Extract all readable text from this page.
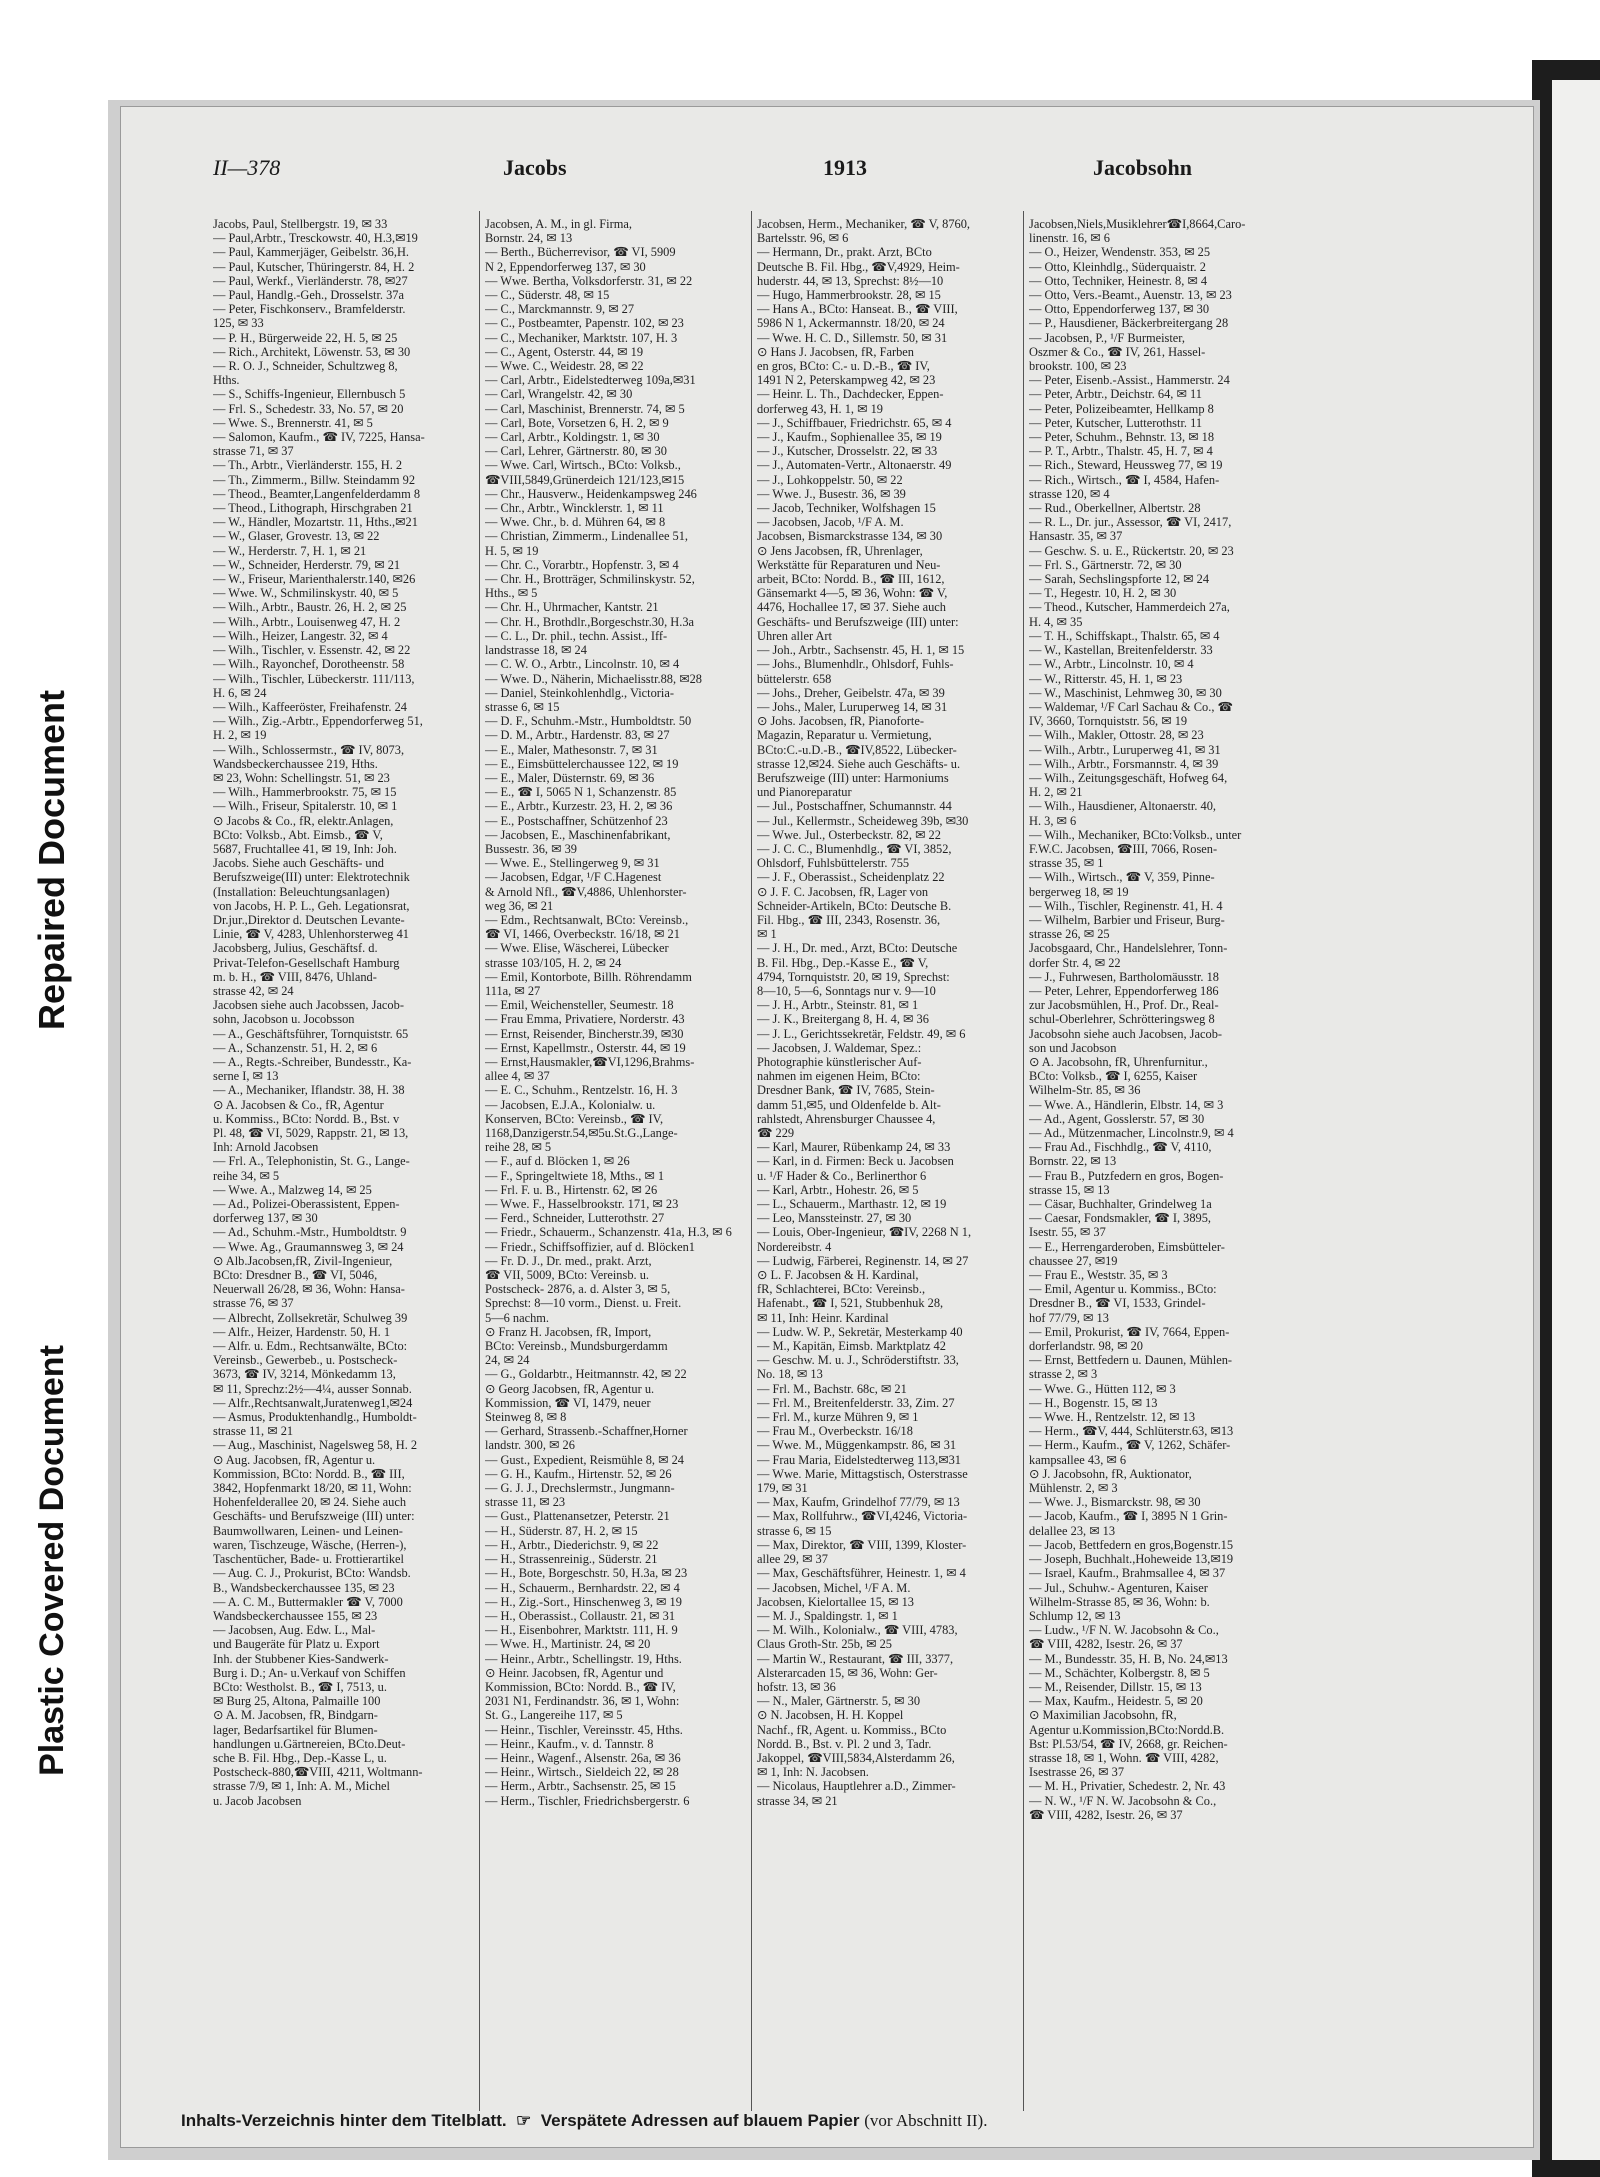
Repaired Document
Plastic Covered Document
II—378	Jacobs	1913	Jacobsohn
Jacobs, Paul, Stellbergstr. 19, ✉ 33
— Paul,Arbtr., Tresckowstr. 40, H.3,✉19
— Paul, Kammerjäger, Geibelstr. 36,H.
— Paul, Kutscher, Thüringerstr. 84, H. 2
— Paul, Werkf., Vierländerstr. 78, ✉27
— Paul, Handlg.-Geh., Drosselstr. 37a
— Peter, Fischkonserv., Bramfelderstr.
125, ✉ 33
— P. H., Bürgerweide 22, H. 5, ✉ 25
— Rich., Architekt, Löwenstr. 53, ✉ 30
— R. O. J., Schneider, Schultzweg 8,
Hths.
— S., Schiffs-Ingenieur, Ellernbusch 5
— Frl. S., Schedestr. 33, No. 57, ✉ 20
— Wwe. S., Brennerstr. 41, ✉ 5
— Salomon, Kaufm., ☎ IV, 7225, Hansa-
strasse 71, ✉ 37
— Th., Arbtr., Vierländerstr. 155, H. 2
— Th., Zimmerm., Billw. Steindamm 92
— Theod., Beamter,Langenfelderdamm 8
— Theod., Lithograph, Hirschgraben 21
— W., Händler, Mozartstr. 11, Hths.,✉21
— W., Glaser, Grovestr. 13, ✉ 22
— W., Herderstr. 7, H. 1, ✉ 21
— W., Schneider, Herderstr. 79, ✉ 21
— W., Friseur, Marienthalerstr.140, ✉26
— Wwe. W., Schmilinskystr. 40, ✉ 5
— Wilh., Arbtr., Baustr. 26, H. 2, ✉ 25
— Wilh., Arbtr., Louisenweg 47, H. 2
— Wilh., Heizer, Langestr. 32, ✉ 4
— Wilh., Tischler, v. Essenstr. 42, ✉ 22
— Wilh., Rayonchef, Dorotheenstr. 58
— Wilh., Tischler, Lübeckerstr. 111/113,
H. 6, ✉ 24
— Wilh., Kaffeeröster, Freihafenstr. 24
— Wilh., Zig.-Arbtr., Eppendorferweg 51,
H. 2, ✉ 19
— Wilh., Schlossermstr., ☎ IV, 8073,
Wandsbeckerchaussee 219, Hths.
✉ 23, Wohn: Schellingstr. 51, ✉ 23
— Wilh., Hammerbrookstr. 75, ✉ 15
— Wilh., Friseur, Spitalerstr. 10, ✉ 1
⊙ Jacobs & Co., fR, elektr.Anlagen,
BCto: Volksb., Abt. Eimsb., ☎ V,
5687, Fruchtallee 41, ✉ 19, Inh: Joh.
Jacobs. Siehe auch Geschäfts- und
Berufszweige(III) unter: Elektrotechnik
(Installation: Beleuchtungsanlagen)
von Jacobs, H. P. L., Geh. Legationsrat,
Dr.jur.,Direktor d. Deutschen Levante-
Linie, ☎ V, 4283, Uhlenhorsterweg 41
Jacobsberg, Julius, Geschäftsf. d.
Privat-Telefon-Gesellschaft Hamburg
m. b. H., ☎ VIII, 8476, Uhland-
strasse 42, ✉ 24
Jacobsen siehe auch Jacobssen, Jacob-
sohn, Jacobson u. Jocobsson
— A., Geschäftsführer, Tornquiststr. 65
— A., Schanzenstr. 51, H. 2, ✉ 6
— A., Regts.-Schreiber, Bundesstr., Ka-
serne I, ✉ 13
— A., Mechaniker, Iflandstr. 38, H. 38
⊙ A. Jacobsen & Co., fR, Agentur
u. Kommiss., BCto: Nordd. B., Bst. v
Pl. 48, ☎ VI, 5029, Rappstr. 21, ✉ 13,
Inh: Arnold Jacobsen
— Frl. A., Telephonistin, St. G., Lange-
reihe 34, ✉ 5
— Wwe. A., Malzweg 14, ✉ 25
— Ad., Polizei-Oberassistent, Eppen-
dorferweg 137, ✉ 30
— Ad., Schuhm.-Mstr., Humboldtstr. 9
— Wwe. Ag., Graumannsweg 3, ✉ 24
⊙ Alb.Jacobsen,fR, Zivil-Ingenieur,
BCto: Dresdner B., ☎ VI, 5046,
Neuerwall 26/28, ✉ 36, Wohn: Hansa-
strasse 76, ✉ 37
— Albrecht, Zollsekretär, Schulweg 39
— Alfr., Heizer, Hardenstr. 50, H. 1
— Alfr. u. Edm., Rechtsanwälte, BCto:
Vereinsb., Gewerbeb., u. Postscheck-
3673, ☎ IV, 3214, Mönkedamm 13,
✉ 11, Sprechz:2½—4¼, ausser Sonnab.
— Alfr.,Rechtsanwalt,Juratenweg1,✉24
— Asmus, Produktenhandlg., Humboldt-
strasse 11, ✉ 21
— Aug., Maschinist, Nagelsweg 58, H. 2
⊙ Aug. Jacobsen, fR, Agentur u.
Kommission, BCto: Nordd. B., ☎ III,
3842, Hopfenmarkt 18/20, ✉ 11, Wohn:
Hohenfelderallee 20, ✉ 24. Siehe auch
Geschäfts- und Berufszweige (III) unter:
Baumwollwaren, Leinen- und Leinen-
waren, Tischzeuge, Wäsche, (Herren-),
Taschentücher, Bade- u. Frottierartikel
— Aug. C. J., Prokurist, BCto: Wandsb.
B., Wandsbeckerchaussee 135, ✉ 23
— A. C. M., Buttermakler ☎ V, 7000
Wandsbeckerchaussee 155, ✉ 23
— Jacobsen, Aug. Edw. L., Mal-
und Baugeräte für Platz u. Export
Inh. der Stubbener Kies-Sandwerk-
Burg i. D.; An- u.Verkauf von Schiffen
BCto: Westholst. B., ☎ I, 7513, u.
✉ Burg 25, Altona, Palmaille 100
⊙ A. M. Jacobsen, fR, Bindgarn-
lager, Bedarfsartikel für Blumen-
handlungen u.Gärtnereien, BCto.Deut-
sche B. Fil. Hbg., Dep.-Kasse L, u.
Postscheck-880,☎VIII, 4211, Woltmann-
strasse 7/9, ✉ 1, Inh: A. M., Michel
u. Jacob Jacobsen
Jacobsen, A. M., in gl. Firma,
Bornstr. 24, ✉ 13
— Berth., Bücherrevisor, ☎ VI, 5909
N 2, Eppendorferweg 137, ✉ 30
— Wwe. Bertha, Volksdorferstr. 31, ✉ 22
— C., Süderstr. 48, ✉ 15
— C., Marckmannstr. 9, ✉ 27
— C., Postbeamter, Papenstr. 102, ✉ 23
— C., Mechaniker, Marktstr. 107, H. 3
— C., Agent, Osterstr. 44, ✉ 19
— Wwe. C., Weidestr. 28, ✉ 22
— Carl, Arbtr., Eidelstedterweg 109a,✉31
— Carl, Wrangelstr. 42, ✉ 30
— Carl, Maschinist, Brennerstr. 74, ✉ 5
— Carl, Bote, Vorsetzen 6, H. 2, ✉ 9
— Carl, Arbtr., Koldingstr. 1, ✉ 30
— Carl, Lehrer, Gärtnerstr. 80, ✉ 30
— Wwe. Carl, Wirtsch., BCto: Volksb.,
☎VIII,5849,Grünerdeich 121/123,✉15
— Chr., Hausverw., Heidenkampsweg 246
— Chr., Arbtr., Wincklerstr. 1, ✉ 11
— Wwe. Chr., b. d. Mühren 64, ✉ 8
— Christian, Zimmerm., Lindenallee 51,
H. 5, ✉ 19
— Chr. C., Vorarbtr., Hopfenstr. 3, ✉ 4
— Chr. H., Brotträger, Schmilinskystr. 52,
Hths., ✉ 5
— Chr. H., Uhrmacher, Kantstr. 21
— Chr. H., Brothdlr.,Borgeschstr.30, H.3a
— C. L., Dr. phil., techn. Assist., Iff-
landstrasse 18, ✉ 24
— C. W. O., Arbtr., Lincolnstr. 10, ✉ 4
— Wwe. D., Näherin, Michaelisstr.88, ✉28
— Daniel, Steinkohlenhdlg., Victoria-
strasse 6, ✉ 15
— D. F., Schuhm.-Mstr., Humboldtstr. 50
— D. M., Arbtr., Hardenstr. 83, ✉ 27
— E., Maler, Mathesonstr. 7, ✉ 31
— E., Eimsbüttelerchaussee 122, ✉ 19
— E., Maler, Düsternstr. 69, ✉ 36
— E., ☎ I, 5065 N 1, Schanzenstr. 85
— E., Arbtr., Kurzestr. 23, H. 2, ✉ 36
— E., Postschaffner, Schützenhof 23
— Jacobsen, E., Maschinenfabrikant,
Bussestr. 36, ✉ 39
— Wwe. E., Stellingerweg 9, ✉ 31
— Jacobsen, Edgar, ¹/F C.Hagenest
& Arnold Nfl., ☎V,4886, Uhlenhorster-
weg 36, ✉ 21
— Edm., Rechtsanwalt, BCto: Vereinsb.,
☎ VI, 1466, Overbeckstr. 16/18, ✉ 21
— Wwe. Elise, Wäscherei, Lübecker
strasse 103/105, H. 2, ✉ 24
— Emil, Kontorbote, Billh. Röhrendamm
111a, ✉ 27
— Emil, Weichensteller, Seumestr. 18
— Frau Emma, Privatiere, Norderstr. 43
— Ernst, Reisender, Bincherstr.39, ✉30
— Ernst, Kapellmstr., Osterstr. 44, ✉ 19
— Ernst,Hausmakler,☎VI,1296,Brahms-
allee 4, ✉ 37
— E. C., Schuhm., Rentzelstr. 16, H. 3
— Jacobsen, E.J.A., Kolonialw. u.
Konserven, BCto: Vereinsb., ☎ IV,
1168,Danzigerstr.54,✉5u.St.G.,Lange-
reihe 28, ✉ 5
— F., auf d. Blöcken 1, ✉ 26
— F., Springeltwiete 18, Mths., ✉ 1
— Frl. F. u. B., Hirtenstr. 62, ✉ 26
— Wwe. F., Hasselbrookstr. 171, ✉ 23
— Ferd., Schneider, Lutterothstr. 27
— Friedr., Schauerm., Schanzenstr. 41a, H.3, ✉ 6
— Friedr., Schiffsoffizier, auf d. Blöcken1
— Fr. D. J., Dr. med., prakt. Arzt,
☎ VII, 5009, BCto: Vereinsb. u.
Postscheck- 2876, a. d. Alster 3, ✉ 5,
Sprechst: 8—10 vorm., Dienst. u. Freit.
5—6 nachm.
⊙ Franz H. Jacobsen, fR, Import,
BCto: Vereinsb., Mundsburgerdamm
24, ✉ 24
— G., Goldarbtr., Heitmannstr. 42, ✉ 22
⊙ Georg Jacobsen, fR, Agentur u.
Kommission, ☎ VI, 1479, neuer
Steinweg 8, ✉ 8
— Gerhard, Strassenb.-Schaffner,Horner
landstr. 300, ✉ 26
— Gust., Expedient, Reismühle 8, ✉ 24
— G. H., Kaufm., Hirtenstr. 52, ✉ 26
— G. J. J., Drechslermstr., Jungmann-
strasse 11, ✉ 23
— Gust., Plattenansetzer, Peterstr. 21
— H., Süderstr. 87, H. 2, ✉ 15
— H., Arbtr., Diederichstr. 9, ✉ 22
— H., Strassenreinig., Süderstr. 21
— H., Bote, Borgeschstr. 50, H.3a, ✉ 23
— H., Schauerm., Bernhardstr. 22, ✉ 4
— H., Zig.-Sort., Hinschenweg 3, ✉ 19
— H., Oberassist., Collaustr. 21, ✉ 31
— H., Eisenbohrer, Marktstr. 111, H. 9
— Wwe. H., Martinistr. 24, ✉ 20
— Heinr., Arbtr., Schellingstr. 19, Hths.
⊙ Heinr. Jacobsen, fR, Agentur und
Kommission, BCto: Nordd. B., ☎ IV,
2031 N1, Ferdinandstr. 36, ✉ 1, Wohn:
St. G., Langereihe 117, ✉ 5
— Heinr., Tischler, Vereinsstr. 45, Hths.
— Heinr., Kaufm., v. d. Tannstr. 8
— Heinr., Wagenf., Alsenstr. 26a, ✉ 36
— Heinr., Wirtsch., Sieldeich 22, ✉ 28
— Herm., Arbtr., Sachsenstr. 25, ✉ 15
— Herm., Tischler, Friedrichsbergerstr. 6
Jacobsen, Herm., Mechaniker, ☎ V, 8760,
Bartelsstr. 96, ✉ 6
— Hermann, Dr., prakt. Arzt, BCto
Deutsche B. Fil. Hbg., ☎V,4929, Heim-
huderstr. 44, ✉ 13, Sprechst: 8½—10
— Hugo, Hammerbrookstr. 28, ✉ 15
— Hans A., BCto: Hanseat. B., ☎ VIII,
5986 N 1, Ackermannstr. 18/20, ✉ 24
— Wwe. H. C. D., Sillemstr. 50, ✉ 31
⊙ Hans J. Jacobsen, fR, Farben
en gros, BCto: C.- u. D.-B., ☎ IV,
1491 N 2, Peterskampweg 42, ✉ 23
— Heinr. L. Th., Dachdecker, Eppen-
dorferweg 43, H. 1, ✉ 19
— J., Schiffbauer, Friedrichstr. 65, ✉ 4
— J., Kaufm., Sophienallee 35, ✉ 19
— J., Kutscher, Drosselstr. 22, ✉ 33
— J., Automaten-Vertr., Altonaerstr. 49
— J., Lohkoppelstr. 50, ✉ 22
— Wwe. J., Busestr. 36, ✉ 39
— Jacob, Techniker, Wolfshagen 15
— Jacobsen, Jacob, ¹/F A. M.
Jacobsen, Bismarckstrasse 134, ✉ 30
⊙ Jens Jacobsen, fR, Uhrenlager,
Werkstätte für Reparaturen und Neu-
arbeit, BCto: Nordd. B., ☎ III, 1612,
Gänsemarkt 4—5, ✉ 36, Wohn: ☎ V,
4476, Hochallee 17, ✉ 37. Siehe auch
Geschäfts- und Berufszweige (III) unter:
Uhren aller Art
— Joh., Arbtr., Sachsenstr. 45, H. 1, ✉ 15
— Johs., Blumenhdlr., Ohlsdorf, Fuhls-
büttelerstr. 658
— Johs., Dreher, Geibelstr. 47a, ✉ 39
— Johs., Maler, Luruperweg 14, ✉ 31
⊙ Johs. Jacobsen, fR, Pianoforte-
Magazin, Reparatur u. Vermietung,
BCto:C.-u.D.-B., ☎IV,8522, Lübecker-
strasse 12,✉24. Siehe auch Geschäfts- u.
Berufszweige (III) unter: Harmoniums
und Pianoreparatur
— Jul., Postschaffner, Schumannstr. 44
— Jul., Kellermstr., Scheideweg 39b, ✉30
— Wwe. Jul., Osterbeckstr. 82, ✉ 22
— J. C. C., Blumenhdlg., ☎ VI, 3852,
Ohlsdorf, Fuhlsbüttelerstr. 755
— J. F., Oberassist., Scheidenplatz 22
⊙ J. F. C. Jacobsen, fR, Lager von
Schneider-Artikeln, BCto: Deutsche B.
Fil. Hbg., ☎ III, 2343, Rosenstr. 36,
✉ 1
— J. H., Dr. med., Arzt, BCto: Deutsche
B. Fil. Hbg., Dep.-Kasse E., ☎ V,
4794, Tornquiststr. 20, ✉ 19, Sprechst:
8—10, 5—6, Sonntags nur v. 9—10
— J. H., Arbtr., Steinstr. 81, ✉ 1
— J. K., Breitergang 8, H. 4, ✉ 36
— J. L., Gerichtssekretär, Feldstr. 49, ✉ 6
— Jacobsen, J. Waldemar, Spez.:
Photographie künstlerischer Auf-
nahmen im eigenen Heim, BCto:
Dresdner Bank, ☎ IV, 7685, Stein-
damm 51,✉5, und Oldenfelde b. Alt-
rahlstedt, Ahrensburger Chaussee 4,
☎ 229
— Karl, Maurer, Rübenkamp 24, ✉ 33
— Karl, in d. Firmen: Beck u. Jacobsen
u. ¹/F Hader & Co., Berlinerthor 6
— Karl, Arbtr., Hohestr. 26, ✉ 5
— L., Schauerm., Marthastr. 12, ✉ 19
— Leo, Manssteinstr. 27, ✉ 30
— Louis, Ober-Ingenieur, ☎IV, 2268 N 1,
Nordereibstr. 4
— Ludwig, Färberei, Reginenstr. 14, ✉ 27
⊙ L. F. Jacobsen & H. Kardinal,
fR, Schlachterei, BCto: Vereinsb.,
Hafenabt., ☎ I, 521, Stubbenhuk 28,
✉ 11, Inh: Heinr. Kardinal
— Ludw. W. P., Sekretär, Mesterkamp 40
— M., Kapitän, Eimsb. Marktplatz 42
— Geschw. M. u. J., Schröderstiftstr. 33,
No. 18, ✉ 13
— Frl. M., Bachstr. 68c, ✉ 21
— Frl. M., Breitenfelderstr. 33, Zim. 27
— Frl. M., kurze Mühren 9, ✉ 1
— Frau M., Overbeckstr. 16/18
— Wwe. M., Müggenkampstr. 86, ✉ 31
— Frau Maria, Eidelstedterweg 113,✉31
— Wwe. Marie, Mittagstisch, Osterstrasse
179, ✉ 31
— Max, Kaufm, Grindelhof 77/79, ✉ 13
— Max, Rollfuhrw., ☎VI,4246, Victoria-
strasse 6, ✉ 15
— Max, Direktor, ☎ VIII, 1399, Kloster-
allee 29, ✉ 37
— Max, Geschäftsführer, Heinestr. 1, ✉ 4
— Jacobsen, Michel, ¹/F A. M.
Jacobsen, Kielortallee 15, ✉ 13
— M. J., Spaldingstr. 1, ✉ 1
— M. Wilh., Kolonialw., ☎ VIII, 4783,
Claus Groth-Str. 25b, ✉ 25
— Martin W., Restaurant, ☎ III, 3377,
Alsterarcaden 15, ✉ 36, Wohn: Ger-
hofstr. 13, ✉ 36
— N., Maler, Gärtnerstr. 5, ✉ 30
⊙ N. Jacobsen, H. H. Koppel
Nachf., fR, Agent. u. Kommiss., BCto
Nordd. B., Bst. v. Pl. 2 und 3, Tadr.
Jakoppel, ☎VIII,5834,Alsterdamm 26,
✉ 1, Inh: N. Jacobsen.
— Nicolaus, Hauptlehrer a.D., Zimmer-
strasse 34, ✉ 21
Jacobsen,Niels,Musiklehrer☎I,8664,Caro-
linenstr. 16, ✉ 6
— O., Heizer, Wendenstr. 353, ✉ 25
— Otto, Kleinhdlg., Süderquaistr. 2
— Otto, Techniker, Heinestr. 8, ✉ 4
— Otto, Vers.-Beamt., Auenstr. 13, ✉ 23
— Otto, Eppendorferweg 137, ✉ 30
— P., Hausdiener, Bäckerbreitergang 28
— Jacobsen, P., ¹/F Burmeister,
Oszmer & Co., ☎ IV, 261, Hassel-
brookstr. 100, ✉ 23
— Peter, Eisenb.-Assist., Hammerstr. 24
— Peter, Arbtr., Deichstr. 64, ✉ 11
— Peter, Polizeibeamter, Hellkamp 8
— Peter, Kutscher, Lutterothstr. 11
— Peter, Schuhm., Behnstr. 13, ✉ 18
— P. T., Arbtr., Thalstr. 45, H. 7, ✉ 4
— Rich., Steward, Heussweg 77, ✉ 19
— Rich., Wirtsch., ☎ I, 4584, Hafen-
strasse 120, ✉ 4
— Rud., Oberkellner, Albertstr. 28
— R. L., Dr. jur., Assessor, ☎ VI, 2417,
Hansastr. 35, ✉ 37
— Geschw. S. u. E., Rückertstr. 20, ✉ 23
— Frl. S., Gärtnerstr. 72, ✉ 30
— Sarah, Sechslingspforte 12, ✉ 24
— T., Hegestr. 10, H. 2, ✉ 30
— Theod., Kutscher, Hammerdeich 27a,
H. 4, ✉ 35
— T. H., Schiffskapt., Thalstr. 65, ✉ 4
— W., Kastellan, Breitenfelderstr. 33
— W., Arbtr., Lincolnstr. 10, ✉ 4
— W., Ritterstr. 45, H. 1, ✉ 23
— W., Maschinist, Lehmweg 30, ✉ 30
— Waldemar, ¹/F Carl Sachau & Co., ☎
IV, 3660, Tornquiststr. 56, ✉ 19
— Wilh., Makler, Ottostr. 28, ✉ 23
— Wilh., Arbtr., Luruperweg 41, ✉ 31
— Wilh., Arbtr., Forsmannstr. 4, ✉ 39
— Wilh., Zeitungsgeschäft, Hofweg 64,
H. 2, ✉ 21
— Wilh., Hausdiener, Altonaerstr. 40,
H. 3, ✉ 6
— Wilh., Mechaniker, BCto:Volksb., unter
F.W.C. Jacobsen, ☎III, 7066, Rosen-
strasse 35, ✉ 1
— Wilh., Wirtsch., ☎ V, 359, Pinne-
bergerweg 18, ✉ 19
— Wilh., Tischler, Reginenstr. 41, H. 4
— Wilhelm, Barbier und Friseur, Burg-
strasse 26, ✉ 25
Jacobsgaard, Chr., Handelslehrer, Tonn-
dorfer Str. 4, ✉ 22
— J., Fuhrwesen, Bartholomäusstr. 18
— Peter, Lehrer, Eppendorferweg 186
zur Jacobsmühlen, H., Prof. Dr., Real-
schul-Oberlehrer, Schrötteringsweg 8
Jacobsohn siehe auch Jacobsen, Jacob-
son und Jacobson
⊙ A. Jacobsohn, fR, Uhrenfurnitur.,
BCto: Volksb., ☎ I, 6255, Kaiser
Wilhelm-Str. 85, ✉ 36
— Wwe. A., Händlerin, Elbstr. 14, ✉ 3
— Ad., Agent, Gosslerstr. 57, ✉ 30
— Ad., Mützenmacher, Lincolnstr.9, ✉ 4
— Frau Ad., Fischhdlg., ☎ V, 4110,
Bornstr. 22, ✉ 13
— Frau B., Putzfedern en gros, Bogen-
strasse 15, ✉ 13
— Cäsar, Buchhalter, Grindelweg 1a
— Caesar, Fondsmakler, ☎ I, 3895,
Isestr. 55, ✉ 37
— E., Herrengarderoben, Eimsbütteler-
chaussee 27, ✉19
— Frau E., Weststr. 35, ✉ 3
— Emil, Agentur u. Kommiss., BCto:
Dresdner B., ☎ VI, 1533, Grindel-
hof 77/79, ✉ 13
— Emil, Prokurist, ☎ IV, 7664, Eppen-
dorferlandstr. 98, ✉ 20
— Ernst, Bettfedern u. Daunen, Mühlen-
strasse 2, ✉ 3
— Wwe. G., Hütten 112, ✉ 3
— H., Bogenstr. 15, ✉ 13
— Wwe. H., Rentzelstr. 12, ✉ 13
— Herm., ☎V, 444, Schlüterstr.63, ✉13
— Herm., Kaufm., ☎ V, 1262, Schäfer-
kampsallee 43, ✉ 6
⊙ J. Jacobsohn, fR, Auktionator,
Mühlenstr. 2, ✉ 3
— Wwe. J., Bismarckstr. 98, ✉ 30
— Jacob, Kaufm., ☎ I, 3895 N 1 Grin-
delallee 23, ✉ 13
— Jacob, Bettfedern en gros,Bogenstr.15
— Joseph, Buchhalt.,Hoheweide 13,✉19
— Israel, Kaufm., Brahmsallee 4, ✉ 37
— Jul., Schuhw.- Agenturen, Kaiser
Wilhelm-Strasse 85, ✉ 36, Wohn: b.
Schlump 12, ✉ 13
— Ludw., ¹/F N. W. Jacobsohn & Co.,
☎ VIII, 4282, Isestr. 26, ✉ 37
— M., Bundesstr. 35, H. B, No. 24,✉13
— M., Schächter, Kolbergstr. 8, ✉ 5
— M., Reisender, Dillstr. 15, ✉ 13
— Max, Kaufm., Heidestr. 5, ✉ 20
⊙ Maximilian Jacobsohn, fR,
Agentur u.Kommission,BCto:Nordd.B.
Bst: Pl.53/54, ☎ IV, 2668, gr. Reichen-
strasse 18, ✉ 1, Wohn. ☎ VIII, 4282,
Isestrasse 26, ✉ 37
— M. H., Privatier, Schedestr. 2, Nr. 43
— N. W., ¹/F N. W. Jacobsohn & Co.,
☎ VIII, 4282, Isestr. 26, ✉ 37
Inhalts-Verzeichnis hinter dem Titelblatt.  ☞  Verspätete Adressen auf blauem Papier (vor Abschnitt II).
